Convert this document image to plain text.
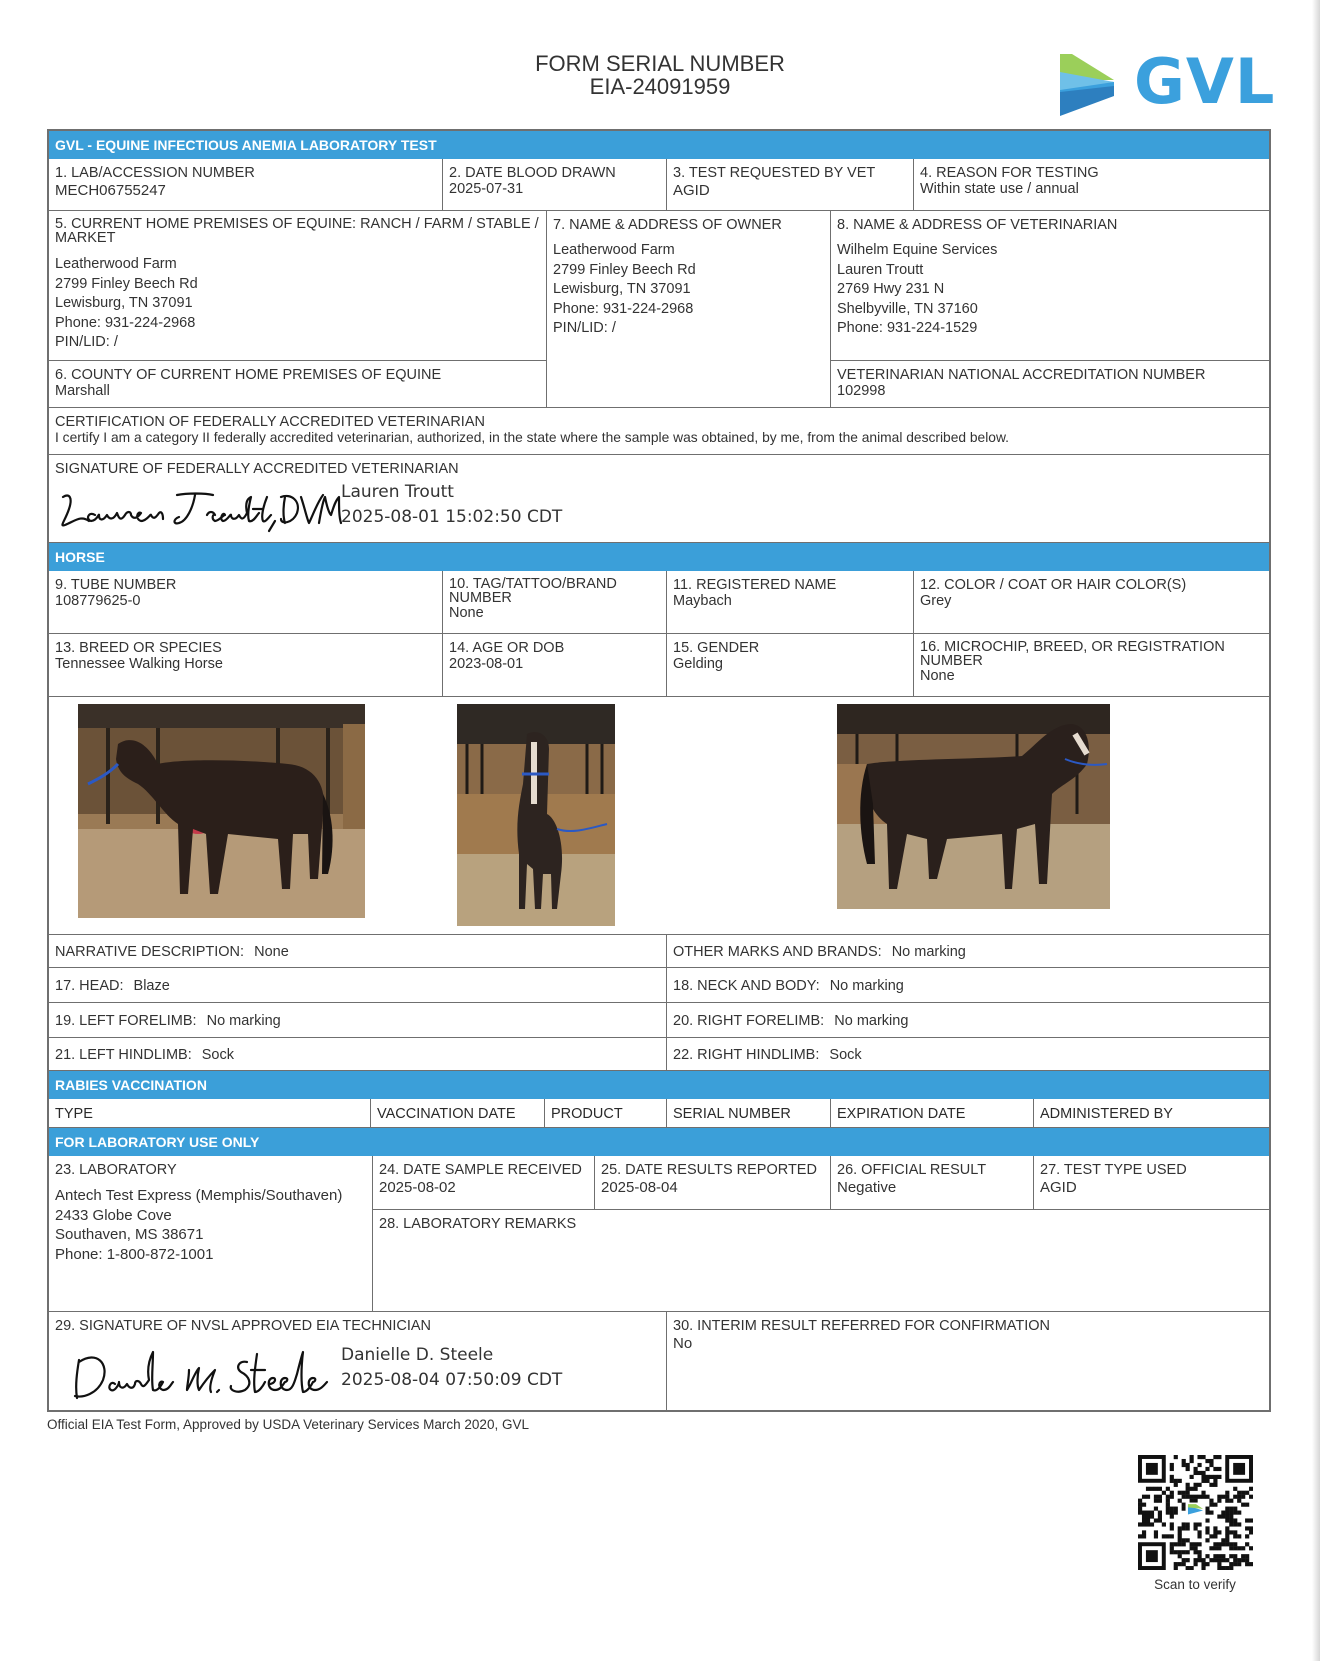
FORM SERIAL NUMBER
EIA-24091959	GVL
GVL - EQUINE INFECTIOUS ANEMIA LABORATORY TEST
1. LAB/ACCESSION NUMBER
MECH06755247
2. DATE BLOOD DRAWN
2025-07-31
3. TEST REQUESTED BY VET
AGID
4. REASON FOR TESTING
Within state use / annual
5. CURRENT HOME PREMISES OF EQUINE: RANCH / FARM / STABLE / MARKET
Leatherwood Farm
2799 Finley Beech Rd
Lewisburg, TN 37091
Phone: 931-224-2968
PIN/LID: /
7. NAME & ADDRESS OF OWNER
Leatherwood Farm
2799 Finley Beech Rd
Lewisburg, TN 37091
Phone: 931-224-2968
PIN/LID: /
8. NAME & ADDRESS OF VETERINARIAN
Wilhelm Equine Services
Lauren Troutt
2769 Hwy 231 N
Shelbyville, TN 37160
Phone: 931-224-1529
6. COUNTY OF CURRENT HOME PREMISES OF EQUINE
Marshall
VETERINARIAN NATIONAL ACCREDITATION NUMBER
102998
CERTIFICATION OF FEDERALLY ACCREDITED VETERINARIAN
I certify I am a category II federally accredited veterinarian, authorized, in the state where the sample was obtained, by me, from the animal described below.
SIGNATURE OF FEDERALLY ACCREDITED VETERINARIAN
Lauren Troutt
2025-08-01 15:02:50 CDT
HORSE
9. TUBE NUMBER
108779625-0
10. TAG/TATTOO/BRAND NUMBER
None
11. REGISTERED NAME
Maybach
12. COLOR / COAT OR HAIR COLOR(S)
Grey
13. BREED OR SPECIES
Tennessee Walking Horse
14. AGE OR DOB
2023-08-01
15. GENDER
Gelding
16. MICROCHIP, BREED, OR REGISTRATION NUMBER
None
NARRATIVE DESCRIPTION: None	OTHER MARKS AND BRANDS: No marking
17. HEAD: Blaze	18. NECK AND BODY: No marking
19. LEFT FORELIMB: No marking	20. RIGHT FORELIMB: No marking
21. LEFT HINDLIMB: Sock	22. RIGHT HINDLIMB: Sock
RABIES VACCINATION
TYPE	VACCINATION DATE	PRODUCT	SERIAL NUMBER	EXPIRATION DATE	ADMINISTERED BY
FOR LABORATORY USE ONLY
23. LABORATORY
Antech Test Express (Memphis/Southaven)
2433 Globe Cove
Southaven, MS 38671
Phone: 1-800-872-1001
24. DATE SAMPLE RECEIVED
2025-08-02
25. DATE RESULTS REPORTED
2025-08-04
26. OFFICIAL RESULT
Negative
27. TEST TYPE USED
AGID
28. LABORATORY REMARKS
29. SIGNATURE OF NVSL APPROVED EIA TECHNICIAN
Danielle D. Steele
2025-08-04 07:50:09 CDT
30. INTERIM RESULT REFERRED FOR CONFIRMATION
No
Official EIA Test Form, Approved by USDA Veterinary Services March 2020, GVL
Scan to verify
